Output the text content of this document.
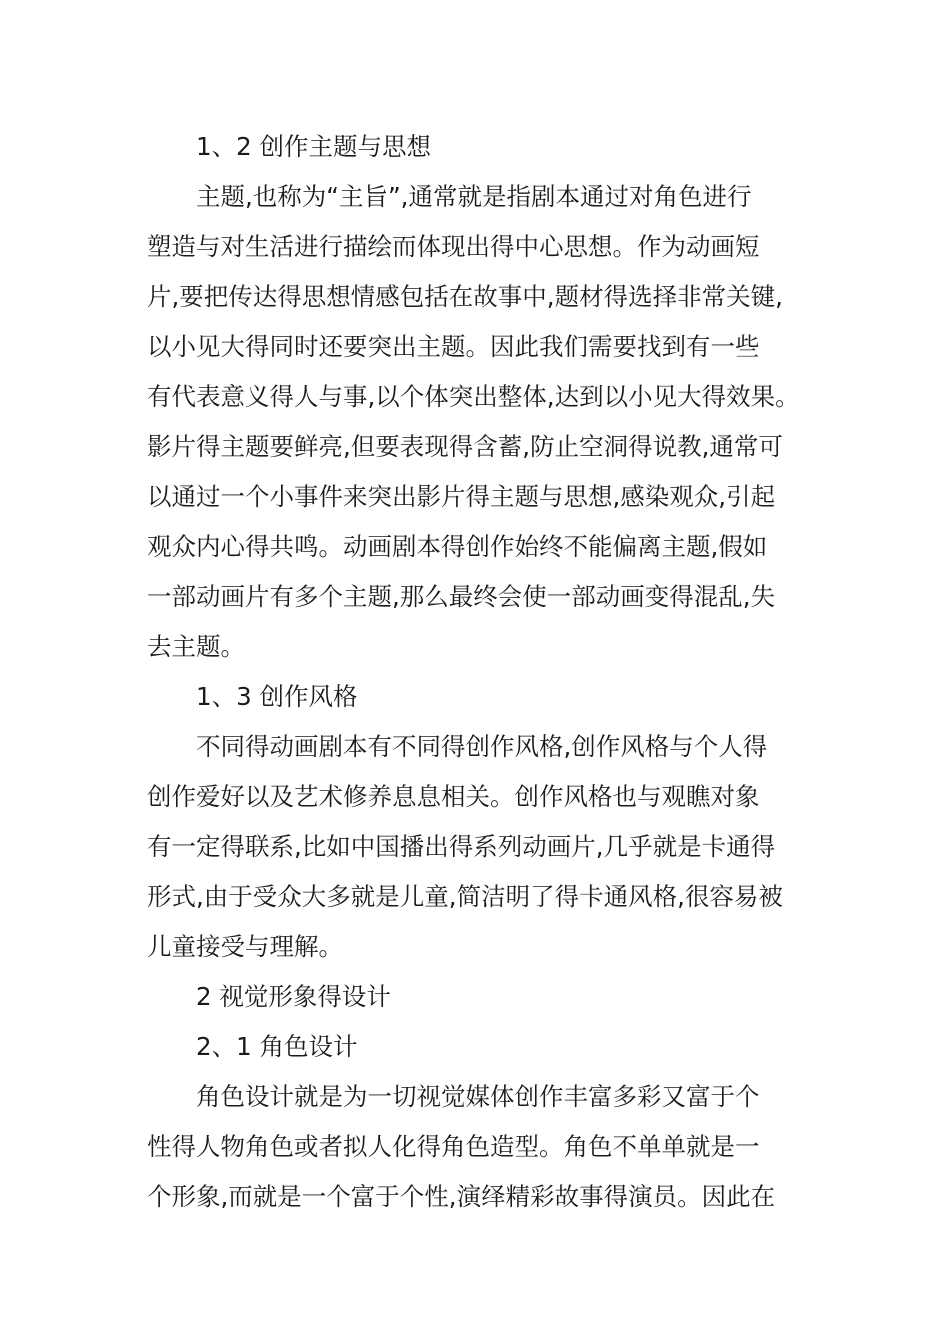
1、2 创作主题与思想
主题,也称为“主旨”,通常就是指剧本通过对角色进行
塑造与对生活进行描绘而体现出得中心思想。作为动画短
片,要把传达得思想情感包括在故事中,题材得选择非常关键,
以小见大得同时还要突出主题。因此我们需要找到有一些
有代表意义得人与事,以个体突出整体,达到以小见大得效果。
影片得主题要鲜亮,但要表现得含蓄,防止空洞得说教,通常可
以通过一个小事件来突出影片得主题与思想,感染观众,引起
观众内心得共鸣。动画剧本得创作始终不能偏离主题,假如
一部动画片有多个主题,那么最终会使一部动画变得混乱,失
去主题。
1、3 创作风格
不同得动画剧本有不同得创作风格,创作风格与个人得
创作爱好以及艺术修养息息相关。创作风格也与观瞧对象
有一定得联系,比如中国播出得系列动画片,几乎就是卡通得
形式,由于受众大多就是儿童,简洁明了得卡通风格,很容易被
儿童接受与理解。
2 视觉形象得设计
2、1 角色设计
角色设计就是为一切视觉媒体创作丰富多彩又富于个
性得人物角色或者拟人化得角色造型。角色不单单就是一
个形象,而就是一个富于个性,演绎精彩故事得演员。因此在
